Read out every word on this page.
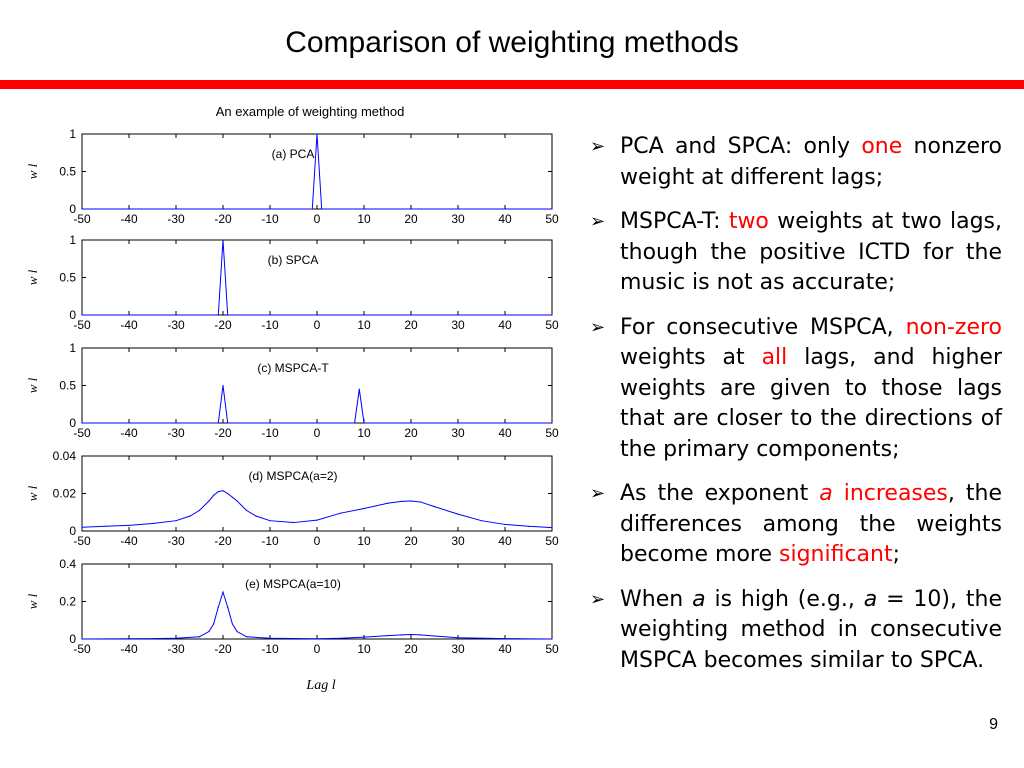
Comparison of weighting methods
An example of weighting method
-50 -40 -30 -20 -10	0	10	20	30	40	50
0
0.5
1
w l
(a) PCA
-50 -40 -30 -20 -10	0	10	20	30	40	50
0
0.5
1
w l
(b) SPCA
-50 -40 -30 -20 -10	0	10	20	30	40	50
0
0.5
1
w l
(c) MSPCA-T
-50 -40 -30 -20 -10	0	10	20	30	40	50
0
0.02
0.04
w l
(d) MSPCA(a=2)
-50 -40 -30 -20 -10	0	10	20	30	40	50
0
0.2
0.4
w l
(e) MSPCA(a=10)
Lag l
➢ PCA and SPCA: only one nonzero weight at different lags;
➢ MSPCA-T: two weights at two lags, though the positive ICTD for the music is not as accurate;
➢ For consecutive MSPCA, non-zero weights at all lags, and higher weights are given to those lags that are closer to the directions of the primary components;
➢ As the exponent a increases, the differences among the weights become more significant;
➢ When a is high (e.g., a = 10), the weighting method in consecutive MSPCA becomes similar to SPCA.
9
